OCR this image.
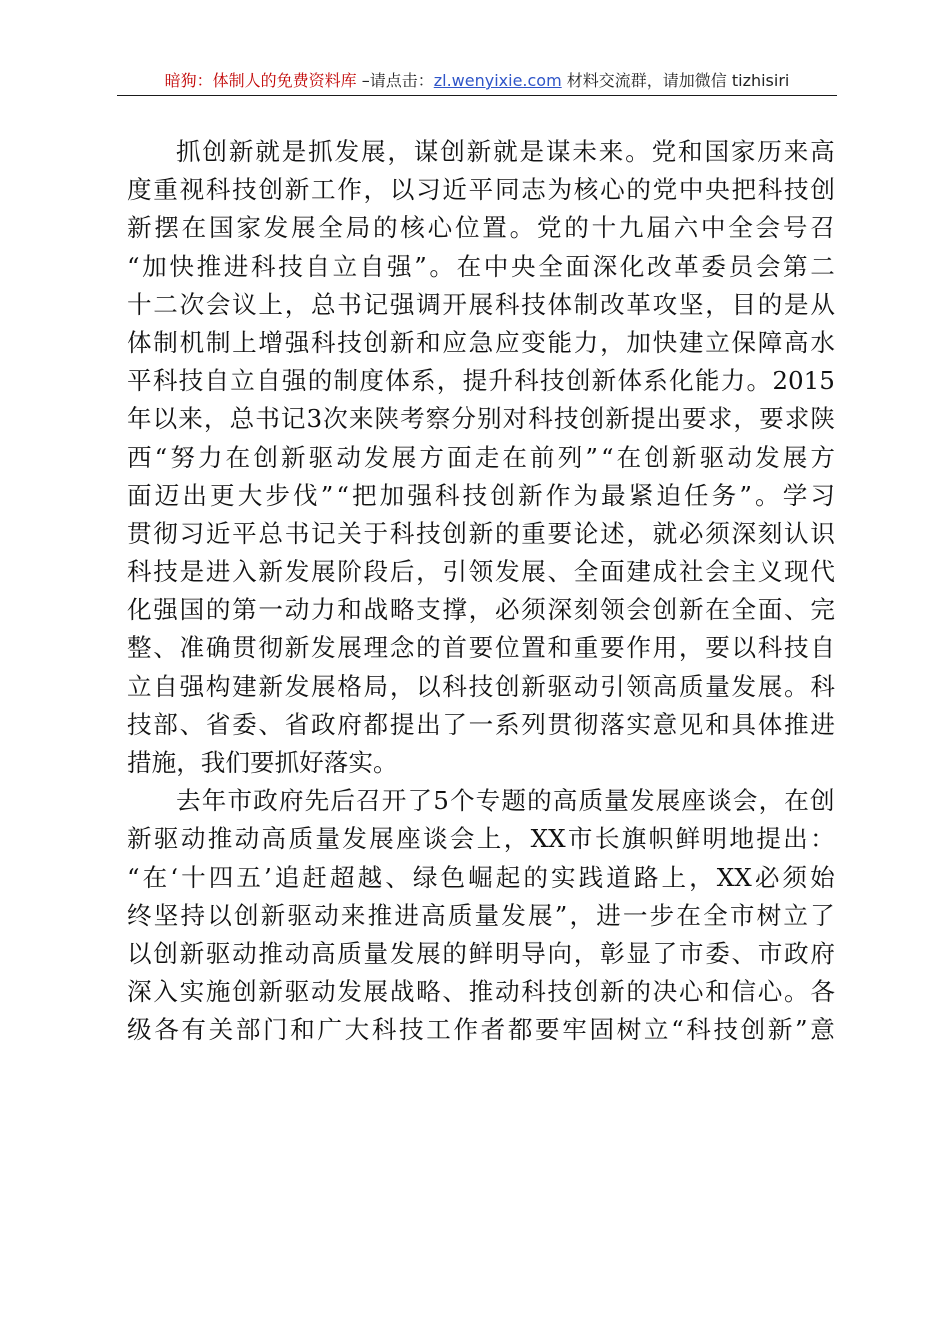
暗狗：体制人的免费资料库 –请点击：zl.wenyixie.com 材料交流群，请加微信 tizhisiri
抓 创 新 就 是 抓 发 展 ， 谋 创 新 就 是 谋 未 来 。 党 和 国 家 历 来 高
度 重 视 科 技 创 新 工 作 ， 以 习 近 平 同 志 为 核 心 的 党 中 央 把 科 技 创
新 摆 在 国 家 发 展 全 局 的 核 心 位 置 。 党 的 十 九 届 六 中 全 会 号 召
“ 加 快 推 进 科 技 自 立 自 强 ” 。 在 中 央 全 面 深 化 改 革 委 员 会 第 二
十 二 次 会 议 上 ， 总 书 记 强 调 开 展 科 技 体 制 改 革 攻 坚 ， 目 的 是 从
体 制 机 制 上 增 强 科 技 创 新 和 应 急 应 变 能 力 ， 加 快 建 立 保 障 高 水
平 科 技 自 立 自 强 的 制 度 体 系 ， 提 升 科 技 创 新 体 系 化 能 力 。 2015
年 以 来 ， 总 书 记 3 次 来 陕 考 察 分 别 对 科 技 创 新 提 出 要 求 ， 要 求 陕
西 “ 努 力 在 创 新 驱 动 发 展 方 面 走 在 前 列 ” “ 在 创 新 驱 动 发 展 方
面 迈 出 更 大 步 伐 ” “ 把 加 强 科 技 创 新 作 为 最 紧 迫 任 务 ” 。 学 习
贯 彻 习 近 平 总 书 记 关 于 科 技 创 新 的 重 要 论 述 ， 就 必 须 深 刻 认 识
科 技 是 进 入 新 发 展 阶 段 后 ， 引 领 发 展 、 全 面 建 成 社 会 主 义 现 代
化 强 国 的 第 一 动 力 和 战 略 支 撑 ， 必 须 深 刻 领 会 创 新 在 全 面 、 完
整 、 准 确 贯 彻 新 发 展 理 念 的 首 要 位 置 和 重 要 作 用 ， 要 以 科 技 自
立 自 强 构 建 新 发 展 格 局 ， 以 科 技 创 新 驱 动 引 领 高 质 量 发 展 。 科
技 部 、 省 委 、 省 政 府 都 提 出 了 一 系 列 贯 彻 落 实 意 见 和 具 体 推 进
措施，我们要抓好落实。
去 年 市 政 府 先 后 召 开 了 5 个 专 题 的 高 质 量 发 展 座 谈 会 ， 在 创
新 驱 动 推 动 高 质 量 发 展 座 谈 会 上 ， XX 市 长 旗 帜 鲜 明 地 提 出 ：
“ 在 ‘ 十 四 五 ’ 追 赶 超 越 、 绿 色 崛 起 的 实 践 道 路 上 ， XX 必 须 始
终 坚 持 以 创 新 驱 动 来 推 进 高 质 量 发 展 ” ， 进 一 步 在 全 市 树 立 了
以 创 新 驱 动 推 动 高 质 量 发 展 的 鲜 明 导 向 ， 彰 显 了 市 委 、 市 政 府
深 入 实 施 创 新 驱 动 发 展 战 略 、 推 动 科 技 创 新 的 决 心 和 信 心 。 各
级 各 有 关 部 门 和 广 大 科 技 工 作 者 都 要 牢 固 树 立 “ 科 技 创 新 ” 意
